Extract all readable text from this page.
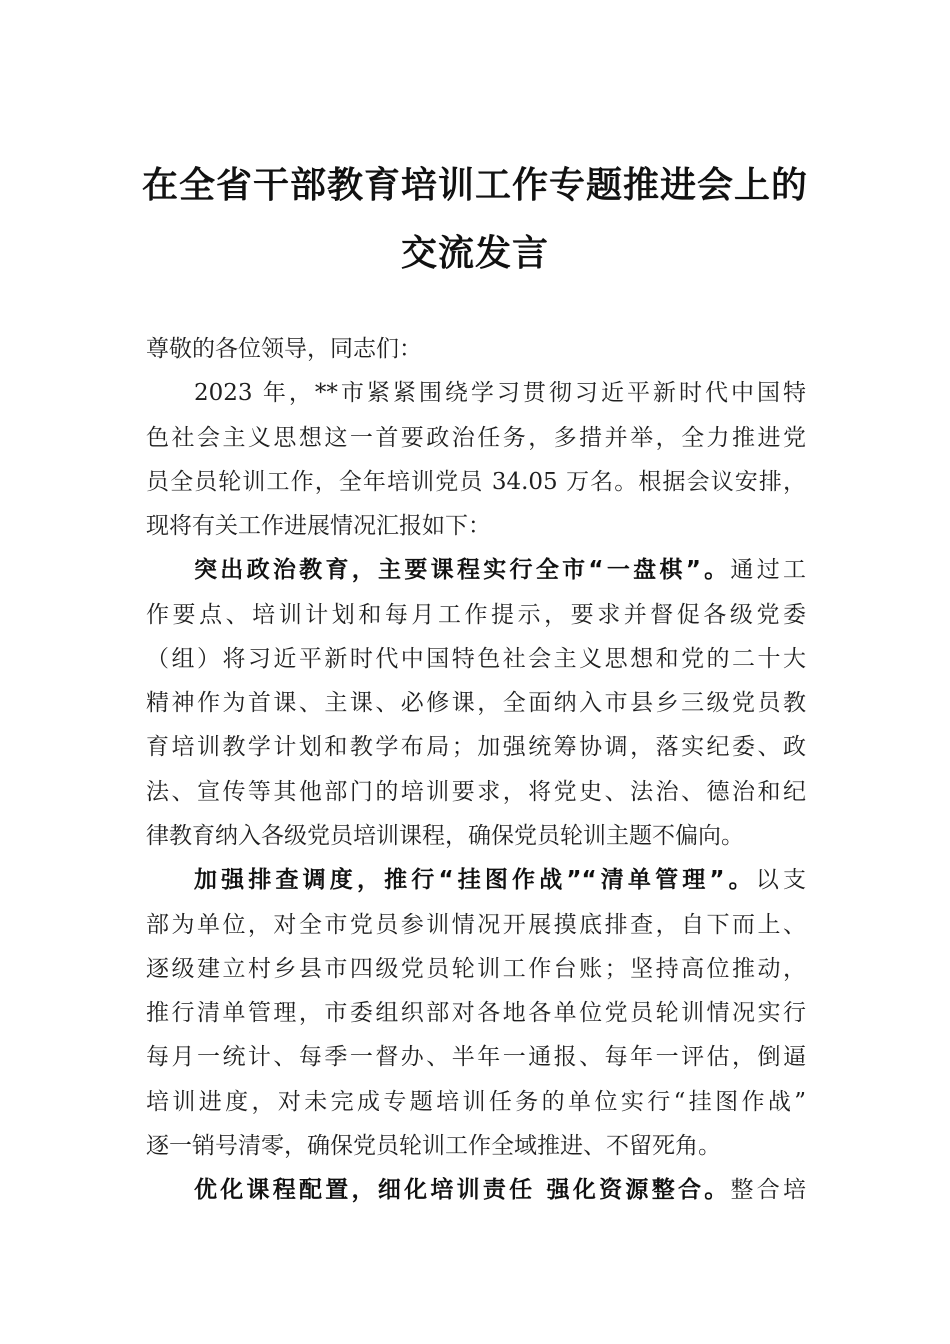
在全省干部教育培训工作专题推进会上的
交流发言
尊敬的各位领导，同志们：
2023 年，**市紧紧围绕学习贯彻习近平新时代中国特
色社会主义思想这一首要政治任务，多措并举，全力推进党
员全员轮训工作，全年培训党员 34.05 万名。根据会议安排，
现将有关工作进展情况汇报如下：
突出政治教育，主要课程实行全市“一盘棋”。通过工
作要点、培训计划和每月工作提示，要求并督促各级党委
（组）将习近平新时代中国特色社会主义思想和党的二十大
精神作为首课、主课、必修课，全面纳入市县乡三级党员教
育培训教学计划和教学布局；加强统筹协调，落实纪委、政
法、宣传等其他部门的培训要求，将党史、法治、德治和纪
律教育纳入各级党员培训课程，确保党员轮训主题不偏向。
加强排查调度，推行“挂图作战”“清单管理”。以支
部为单位，对全市党员参训情况开展摸底排查，自下而上、
逐级建立村乡县市四级党员轮训工作台账；坚持高位推动，
推行清单管理，市委组织部对各地各单位党员轮训情况实行
每月一统计、每季一督办、半年一通报、每年一评估，倒逼
培训进度，对未完成专题培训任务的单位实行“挂图作战”
逐一销号清零，确保党员轮训工作全域推进、不留死角。
优化课程配置，细化培训责任 强化资源整合。整合培
